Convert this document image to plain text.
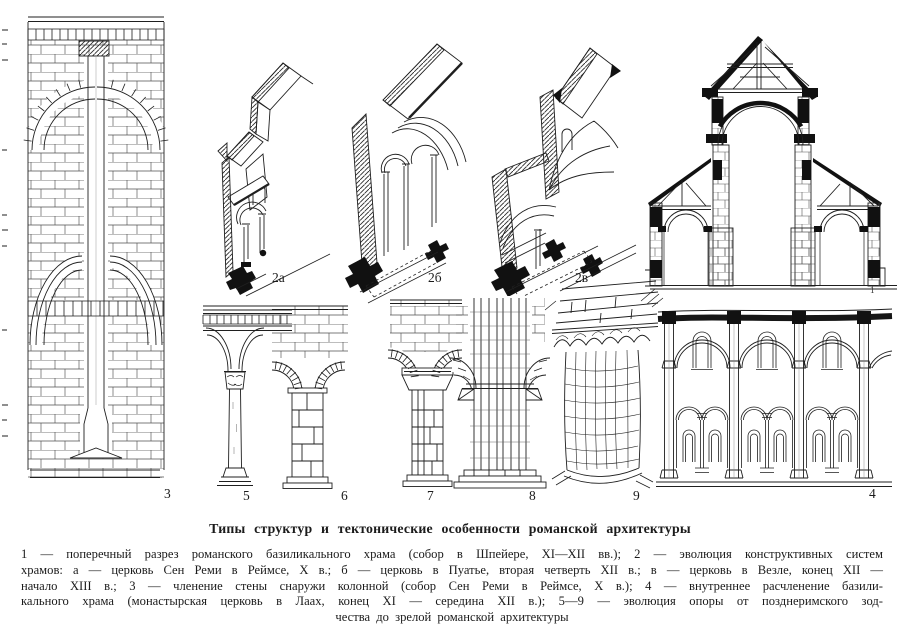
1
2а	2б	2в
3	5	6	7	8	9	4
Типы структур и тектонические особенности романской архитектуры
1 — поперечный разрез романского базиликального храма (собор в Шпейере, XI—XII вв.); 2 — эволюция конструктивных систем
храмов: а — церковь Сен Реми в Реймсе, X в.; б — церковь в Пуатье, вторая четверть XII в.; в — церковь в Везле, конец XII —
начало XIII в.; 3 — членение стены снаружи колонной (собор Сен Реми в Реймсе, X в.); 4 — внутреннее расчленение базили-
кального храма (монастырская церковь в Лаах, конец XI — середина XII в.); 5—9 — эволюция опоры от позднеримского зод-
чества до зрелой романской архитектуры
